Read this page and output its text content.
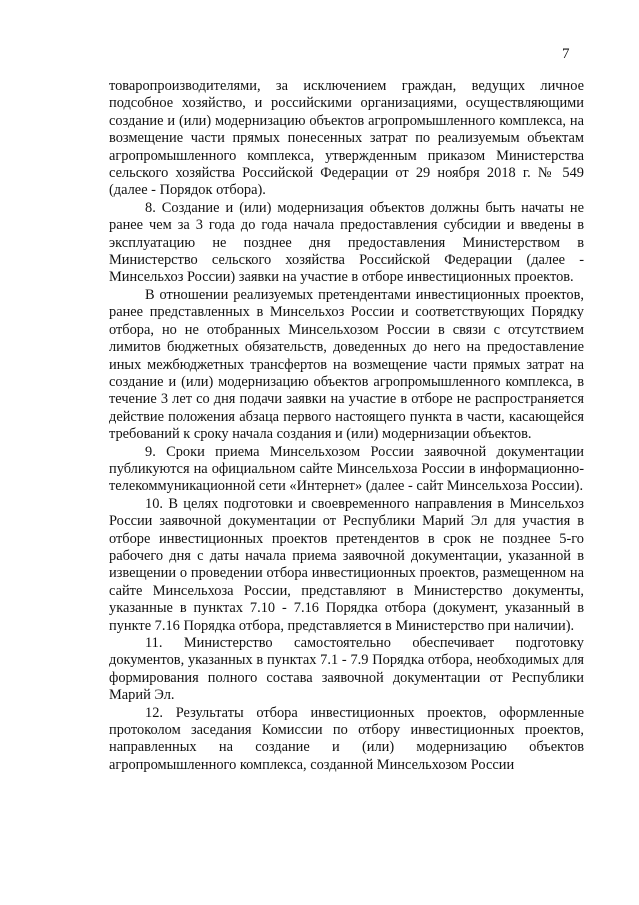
7

товаропроизводителями, за исключением граждан, ведущих личное подсобное хозяйство, и российскими организациями, осуществляющими создание и (или) модернизацию объектов агропромышленного комплекса, на возмещение части прямых понесенных затрат по реализуемым объектам агропромышленного комплекса, утвержденным приказом Министерства сельского хозяйства Российской Федерации от 29 ноября 2018 г. № 549 (далее - Порядок отбора).

8. Создание и (или) модернизация объектов должны быть начаты не ранее чем за 3 года до года начала предоставления субсидии и введены в эксплуатацию не позднее дня предоставления Министерством в Министерство сельского хозяйства Российской Федерации (далее - Минсельхоз России) заявки на участие в отборе инвестиционных проектов.

В отношении реализуемых претендентами инвестиционных проектов, ранее представленных в Минсельхоз России и соответствующих Порядку отбора, но не отобранных Минсельхозом России в связи с отсутствием лимитов бюджетных обязательств, доведенных до него на предоставление иных межбюджетных трансфертов на возмещение части прямых затрат на создание и (или) модернизацию объектов агропромышленного комплекса, в течение 3 лет со дня подачи заявки на участие в отборе не распространяется действие положения абзаца первого настоящего пункта в части, касающейся требований к сроку начала создания и (или) модернизации объектов.

9. Сроки приема Минсельхозом России заявочной документации публикуются на официальном сайте Минсельхоза России в информационно-телекоммуникационной сети «Интернет» (далее - сайт Минсельхоза России).

10. В целях подготовки и своевременного направления в Минсельхоз России заявочной документации от Республики Марий Эл для участия в отборе инвестиционных проектов претендентов в срок не позднее 5-го рабочего дня с даты начала приема заявочной документации, указанной в извещении о проведении отбора инвестиционных проектов, размещенном на сайте Минсельхоза России, представляют в Министерство документы, указанные в пунктах 7.10 - 7.16 Порядка отбора (документ, указанный в пункте 7.16 Порядка отбора, представляется в Министерство при наличии).

11. Министерство самостоятельно обеспечивает подготовку документов, указанных в пунктах 7.1 - 7.9 Порядка отбора, необходимых для формирования полного состава заявочной документации от Республики Марий Эл.

12. Результаты отбора инвестиционных проектов, оформленные протоколом заседания Комиссии по отбору инвестиционных проектов, направленных на создание и (или) модернизацию объектов агропромышленного комплекса, созданной Минсельхозом России
